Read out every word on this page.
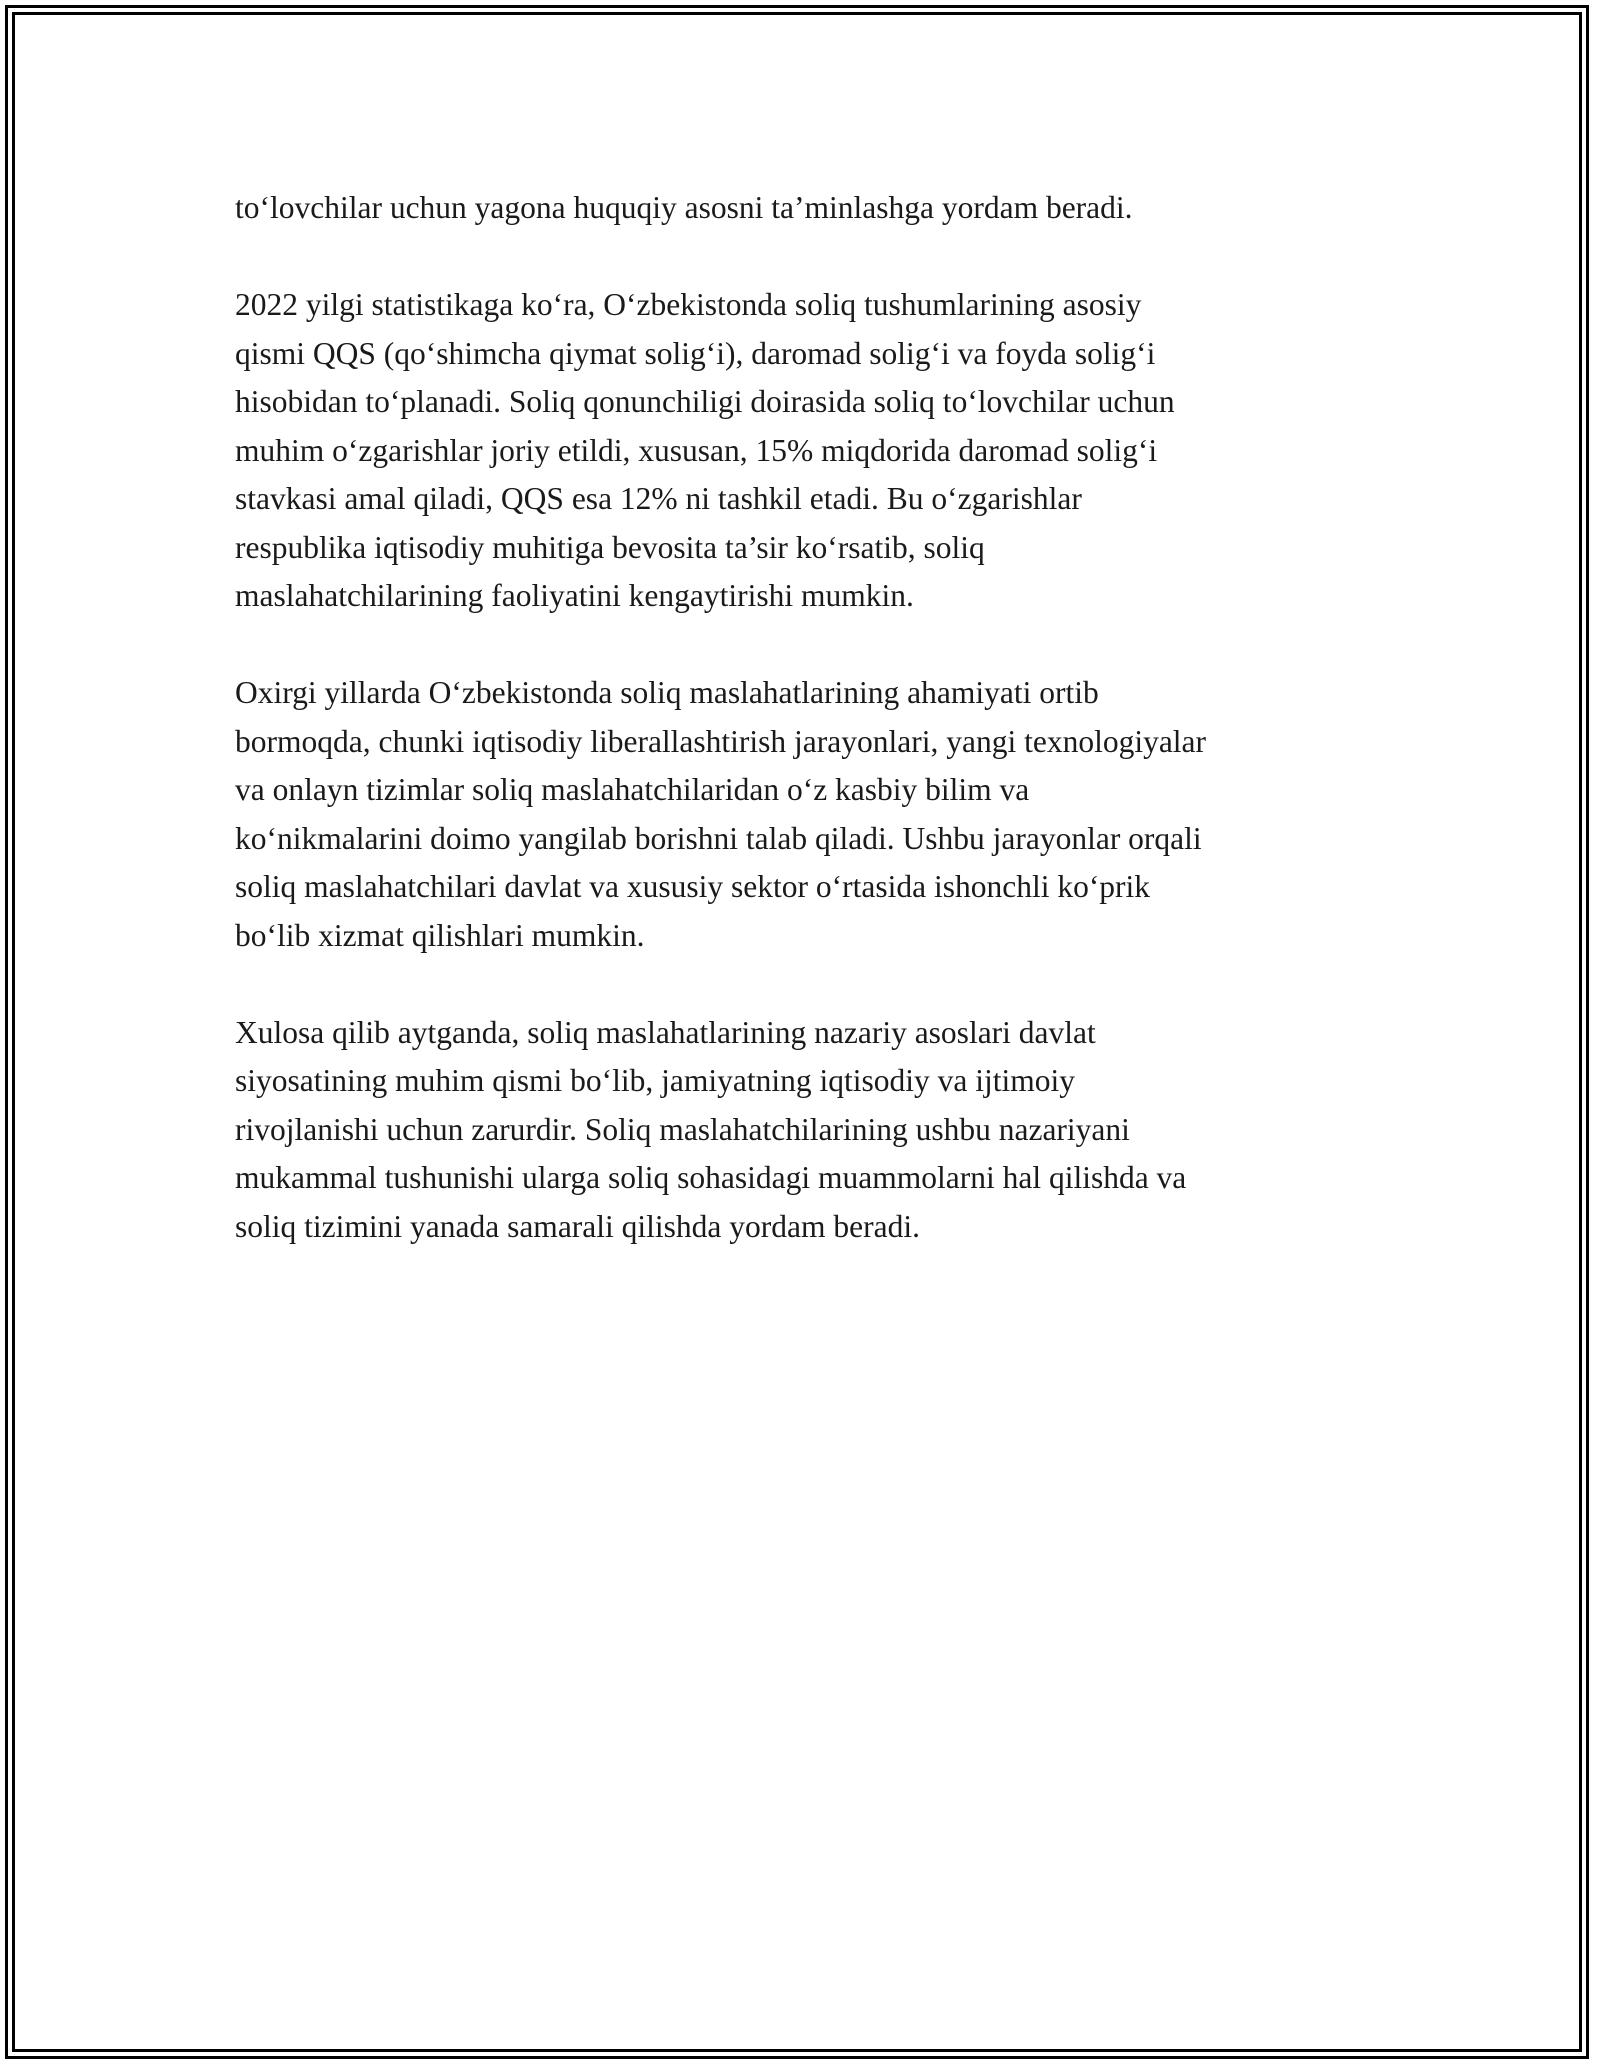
to‘lovchilar uchun yagona huquqiy asosni ta’minlashga yordam beradi.

2022 yilgi statistikaga ko‘ra, O‘zbekistonda soliq tushumlarining asosiy
qismi QQS (qo‘shimcha qiymat solig‘i), daromad solig‘i va foyda solig‘i
hisobidan to‘planadi. Soliq qonunchiligi doirasida soliq to‘lovchilar uchun
muhim o‘zgarishlar joriy etildi, xususan, 15% miqdorida daromad solig‘i
stavkasi amal qiladi, QQS esa 12% ni tashkil etadi. Bu o‘zgarishlar
respublika iqtisodiy muhitiga bevosita ta’sir ko‘rsatib, soliq
maslahatchilarining faoliyatini kengaytirishi mumkin.

Oxirgi yillarda O‘zbekistonda soliq maslahatlarining ahamiyati ortib
bormoqda, chunki iqtisodiy liberallashtirish jarayonlari, yangi texnologiyalar
va onlayn tizimlar soliq maslahatchilaridan o‘z kasbiy bilim va
ko‘nikmalarini doimo yangilab borishni talab qiladi. Ushbu jarayonlar orqali
soliq maslahatchilari davlat va xususiy sektor o‘rtasida ishonchli ko‘prik
bo‘lib xizmat qilishlari mumkin.

Xulosa qilib aytganda, soliq maslahatlarining nazariy asoslari davlat
siyosatining muhim qismi bo‘lib, jamiyatning iqtisodiy va ijtimoiy
rivojlanishi uchun zarurdir. Soliq maslahatchilarining ushbu nazariyani
mukammal tushunishi ularga soliq sohasidagi muammolarni hal qilishda va
soliq tizimini yanada samarali qilishda yordam beradi.
